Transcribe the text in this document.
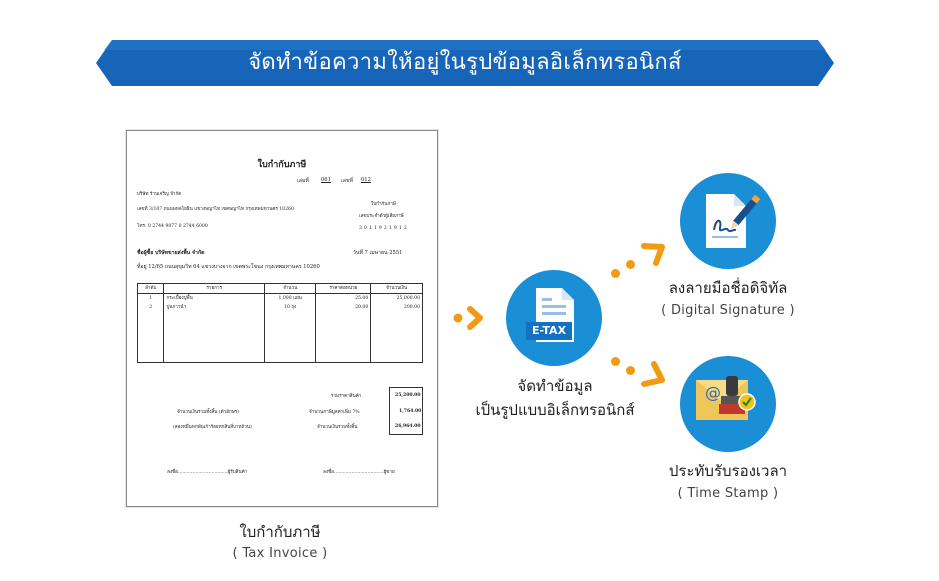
จัดทำข้อความให้อยู่ในรูปข้อมูลอิเล็กทรอนิกส์
ใบกำกับภาษี
เล่มที่ 061 เลขที่ 012
บริษัท ร้านเจริญ จำกัด
เลขที่ 3/107 ถนนพหลโยธิน แขวงพญาไท เขตพญาไท กรุงเทพมหานคร 10260
โทร. 0 2744 9077 0 2744 6000
ใบกำกับภาษี
เลขประจำตัวผู้เสียภาษี
3 0 1 1 9 2 1 9 1 2
ชื่อผู้ซื้อ บริษัทขายส่งพื้น จำกัด	วันที่ 7 เมษายน 2551
ที่อยู่ 12/65 ถนนสุขุมวิท 64 แขวงบางจาก เขตพระโขนง กรุงเทพมหานคร 10260
ลำดับ	รายการ	จำนวน	ราคาต่อหน่วย	จำนวนเงิน
1	กระเบื้องปูพื้น	1,000 แผ่น	25.00	25,000.00
2	ปูนกาวนำ	10 ถุง	20.00	200.00

รวมราคาสินค้า	25,200.00
จำนวนเงินรวมทั้งสิ้น (ตัวอักษร)	จำนวนภาษีมูลค่าเพิ่ม 7%	1,764.00
(สองหมื่นหกพันเก้าร้อยหกสิบสี่บาทถ้วน)	จำนวนเงินรวมทั้งสิ้น	26,964.00
ลงชื่อ..................................ผู้รับสินค้า	ลงชื่อ..................................ผู้ขาย
ใบกำกับภาษี
( Tax Invoice )
E-TAX
จัดทำข้อมูล
เป็นรูปแบบอิเล็กทรอนิกส์
ลงลายมือชื่อดิจิทัล
( Digital Signature )
@
ประทับรับรองเวลา
( Time Stamp )
